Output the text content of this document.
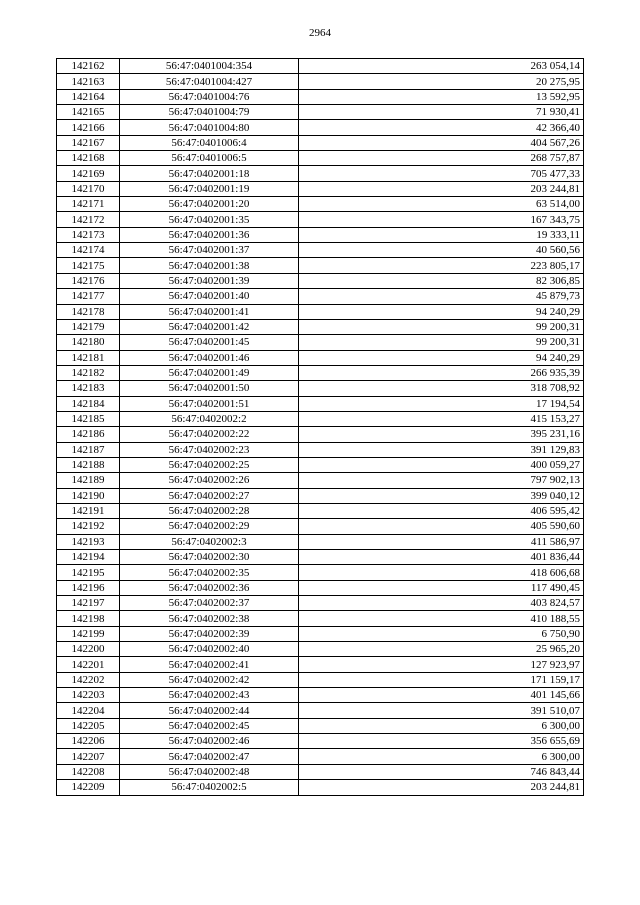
2964
142162	56:47:0401004:354	263 054,14
142163	56:47:0401004:427	20 275,95
142164	56:47:0401004:76	13 592,95
142165	56:47:0401004:79	71 930,41
142166	56:47:0401004:80	42 366,40
142167	56:47:0401006:4	404 567,26
142168	56:47:0401006:5	268 757,87
142169	56:47:0402001:18	705 477,33
142170	56:47:0402001:19	203 244,81
142171	56:47:0402001:20	63 514,00
142172	56:47:0402001:35	167 343,75
142173	56:47:0402001:36	19 333,11
142174	56:47:0402001:37	40 560,56
142175	56:47:0402001:38	223 805,17
142176	56:47:0402001:39	82 306,85
142177	56:47:0402001:40	45 879,73
142178	56:47:0402001:41	94 240,29
142179	56:47:0402001:42	99 200,31
142180	56:47:0402001:45	99 200,31
142181	56:47:0402001:46	94 240,29
142182	56:47:0402001:49	266 935,39
142183	56:47:0402001:50	318 708,92
142184	56:47:0402001:51	17 194,54
142185	56:47:0402002:2	415 153,27
142186	56:47:0402002:22	395 231,16
142187	56:47:0402002:23	391 129,83
142188	56:47:0402002:25	400 059,27
142189	56:47:0402002:26	797 902,13
142190	56:47:0402002:27	399 040,12
142191	56:47:0402002:28	406 595,42
142192	56:47:0402002:29	405 590,60
142193	56:47:0402002:3	411 586,97
142194	56:47:0402002:30	401 836,44
142195	56:47:0402002:35	418 606,68
142196	56:47:0402002:36	117 490,45
142197	56:47:0402002:37	403 824,57
142198	56:47:0402002:38	410 188,55
142199	56:47:0402002:39	6 750,90
142200	56:47:0402002:40	25 965,20
142201	56:47:0402002:41	127 923,97
142202	56:47:0402002:42	171 159,17
142203	56:47:0402002:43	401 145,66
142204	56:47:0402002:44	391 510,07
142205	56:47:0402002:45	6 300,00
142206	56:47:0402002:46	356 655,69
142207	56:47:0402002:47	6 300,00
142208	56:47:0402002:48	746 843,44
142209	56:47:0402002:5	203 244,81
